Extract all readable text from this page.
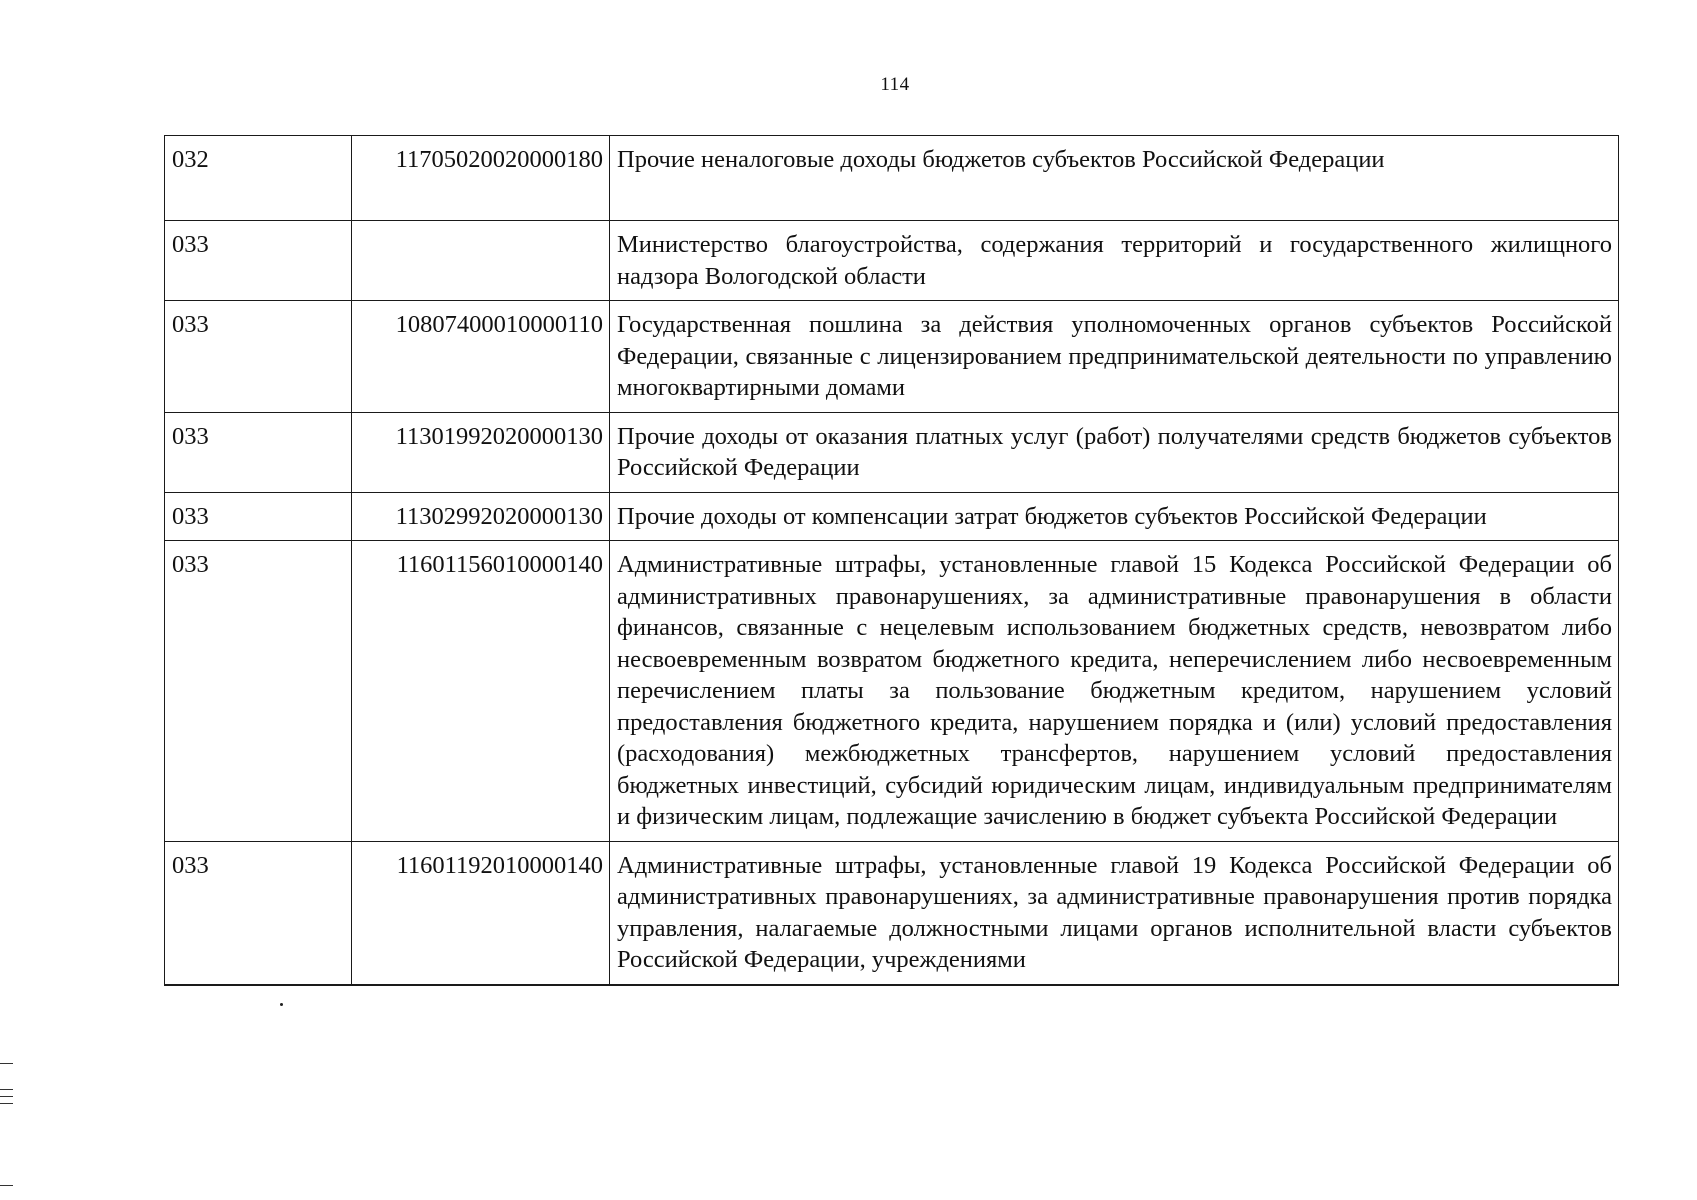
114
032	11705020020000180	Прочие неналоговые доходы бюджетов субъектов Российской Федерации
033		Министерство благоустройства, содержания территорий и государственного жилищного надзора Вологодской области
033	10807400010000110	Государственная пошлина за действия уполномоченных органов субъектов Российской Федерации, связанные с лицензированием предпринимательской деятельности по управлению многоквартирными домами
033	11301992020000130	Прочие доходы от оказания платных услуг (работ) получателями средств бюджетов субъектов Российской Федерации
033	11302992020000130	Прочие доходы от компенсации затрат бюджетов субъектов Российской Федерации
033	11601156010000140	Административные штрафы, установленные главой 15 Кодекса Российской Федерации об административных правонарушениях, за административные правонарушения в области финансов, связанные с нецелевым использованием бюджетных средств, невозвратом либо несвоевременным возвратом бюджетного кредита, неперечислением либо несвоевременным перечислением платы за пользование бюджетным кредитом, нарушением условий предоставления бюджетного кредита, нарушением порядка и (или) условий предоставления (расходования) межбюджетных трансфертов, нарушением условий предоставления бюджетных инвестиций, субсидий юридическим лицам, индивидуальным предпринимателям и физическим лицам, подлежащие зачислению в бюджет субъекта Российской Федерации
033	11601192010000140	Административные штрафы, установленные главой 19 Кодекса Российской Федерации об административных правонарушениях, за административные правонарушения против порядка управления, налагаемые должностными лицами органов исполнительной власти субъектов Российской Федерации, учреждениями
